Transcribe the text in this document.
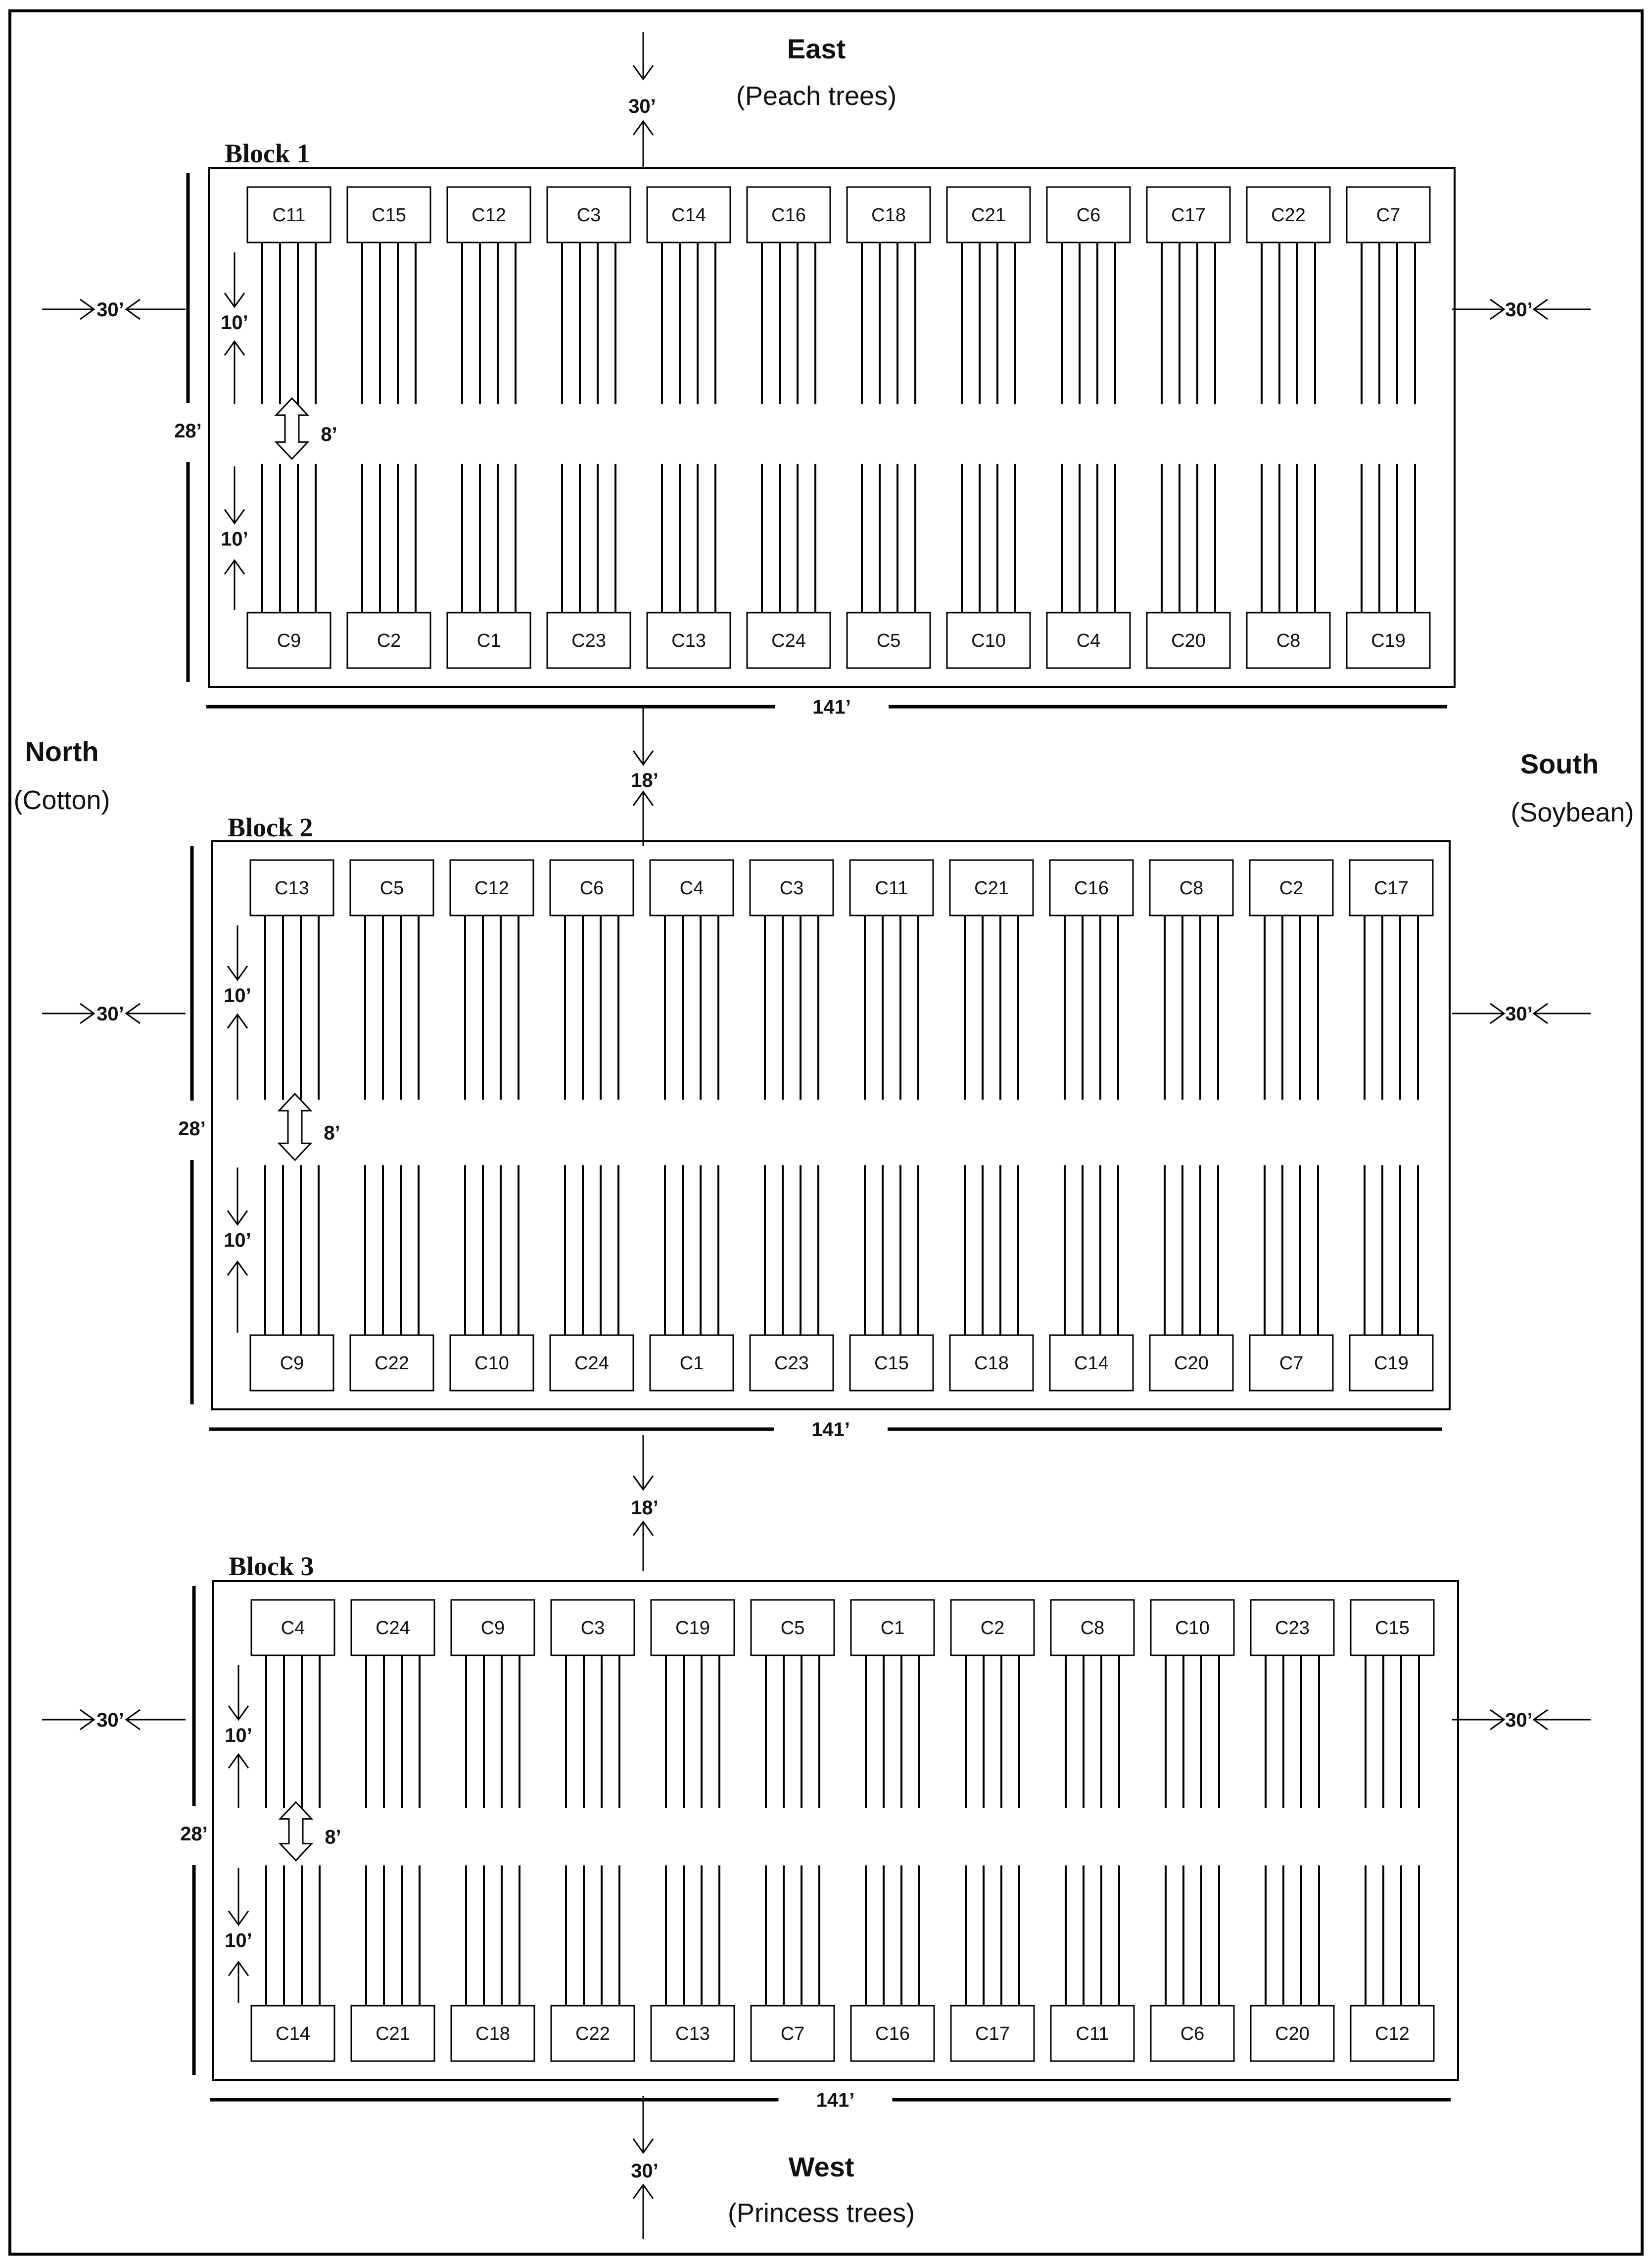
East
(Peach trees)
West
(Princess trees)
North
(Cotton)
South
(Soybean)
30’
18’
18’
30’
Block 1
141’
28’
30’	30’
C11
C9
C15
C2
C12
C1
C3
C23
C14
C13
C16
C24
C18
C5
C21
C10
C6
C4
C17
C20
C22
C8
C7
C19
10’
10’
8’
Block 2
141’
28’
30’	30’
C13
C9
C5
C22
C12
C10
C6
C24
C4
C1
C3
C23
C11
C15
C21
C18
C16
C14
C8
C20
C2
C7
C17
C19
10’
10’
8’
Block 3
141’
28’
30’	30’
C4
C14
C24
C21
C9
C18
C3
C22
C19
C13
C5
C7
C1
C16
C2
C17
C8
C11
C10
C6
C23
C20
C15
C12
10’
10’
8’
